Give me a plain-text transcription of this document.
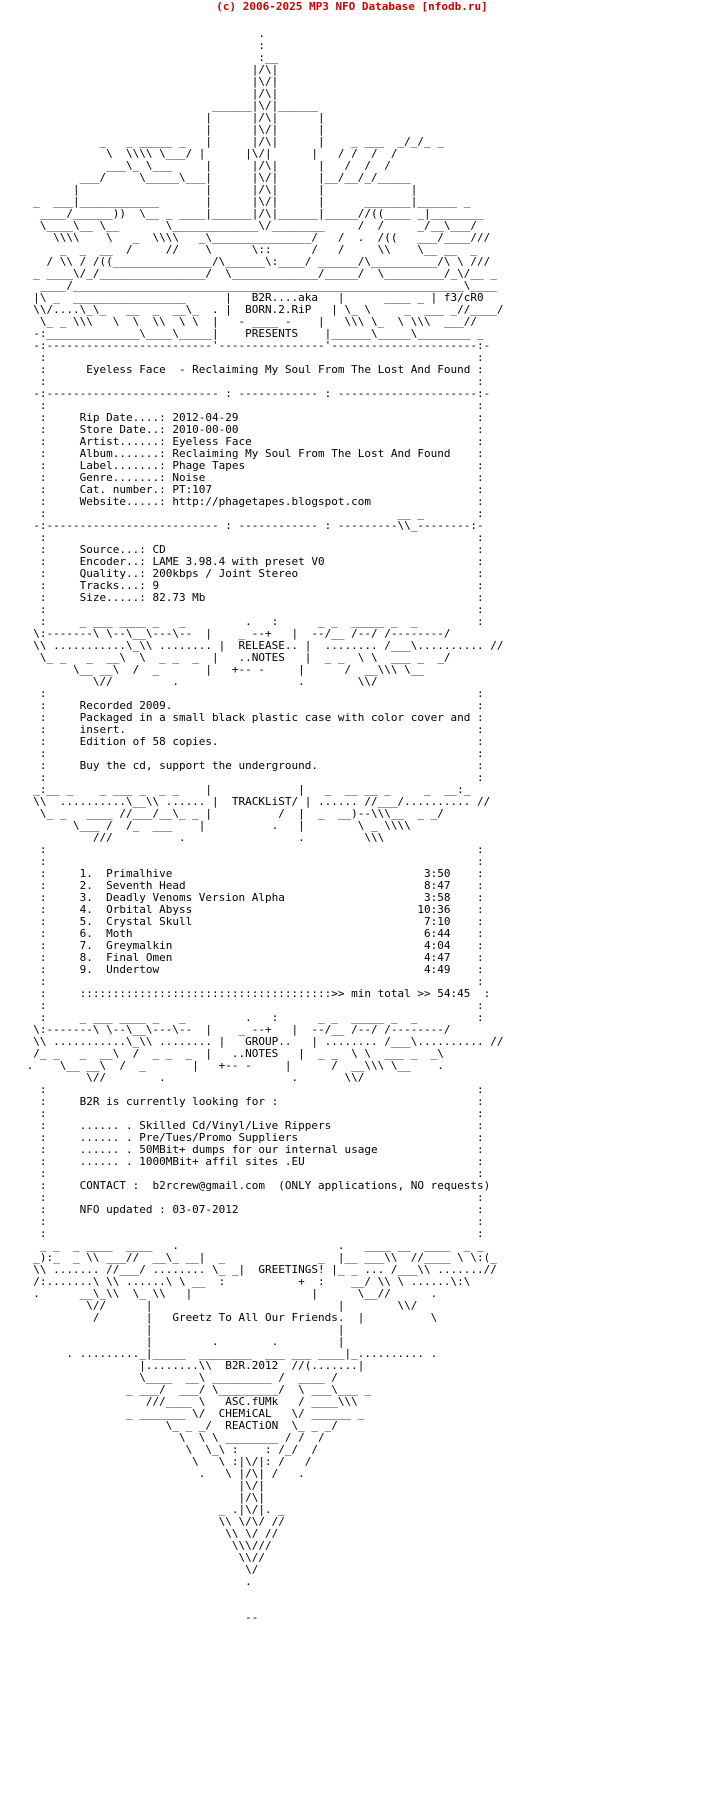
(c) 2006-2025 MP3 NFO Database [nfodb.ru]
.
:
:__
|/\|
|\/|
|/\|
______|\/|______
|      |/\|      |
|      |\/|      |
_   _ _____ _   |      |/\|      |    _ ___  _/_/_ _
\  \\\\ \___/ |      |\/|      |   / /  /  /
___\_ \___     |      |/\|      |   /  /  /
___/     \_____\___|      |\/|      |__/__/_/_____
|                   |      |/\|      |             |
_  ___|____________       |      |\/|      |      _______|______ _
____/______))  \__ _ ____|______|/\|______|_____//((____ _|________
\____\__ \__       \_____________\/________     /  /     _/__\___/
\\\\    \   _  \\\\   _\_______________/   /  .  /((   ___/____///
_  _  __  /     //    \      \::      /   /     \\    \__ __  _
/ \\ / /((_______________/\______\:____/ ______/\__________/\ \ ///
_ ____\/_/________________/  \_____________/_____/  \_________/_\/__ _
____/___________________________________________________________\____
|\ _  _________________      |   B2R....aka   |      ____ _ | f3/cR0
\\/....\_\_   __  _  __\_  . |  BORN.2.RiP   | \_ \     _  ___ _//____/
\_ _ \\\   \  \  \\  \ \  |   - ____ -    |   \\\ \_  \ \\\  ___//
-:______________\____\_____|    PRESENTS    |______\_____\________ _
-:-------------------------'----------------'----------------------:-
:                                                                 :
:      Eyeless Face  - Reclaiming My Soul From The Lost And Found :
:                                                                 :
-:-------------------------- : ------------ : ---------------------:-
:                                                                 :
:     Rip Date....: 2012-04-29                                    :
:     Store Date..: 2010-00-00                                    :
:     Artist......: Eyeless Face                                  :
:     Album.......: Reclaiming My Soul From The Lost And Found    :
:     Label.......: Phage Tapes                                   :
:     Genre.......: Noise                                         :
:     Cat. number.: PT:107                                        :
:     Website.....: http://phagetapes.blogspot.com                :
:                                                     __ _        :
-:-------------------------- : ------------ : ---------\\_--------:-
:                                                                 :
:     Source...: CD                                               :
:     Encoder..: LAME 3.98.4 with preset V0                       :
:     Quality..: 200kbps / Joint Stereo                           :
:     Tracks...: 9                                                :
:     Size.....: 82.73 Mb                                         :
:                                                                 :
:     _ ___ ____ _   _         .   :      _ _  _____ _  _         :
\:-------\ \--\__\---\--  |    _ --+   |  --/__ /--/ /--------/
\\ ...........\_\\ ........ |  RELEASE.. |  ........ /___\.......... //
\_ _   _  __\  \  _ _  _  |   ..NOTES   |  _ _  \ \  ___ _  _/
\__ __\  /  _       |   +-- -     |      /  __\\\ \__
\//         .                  .        \\/
:                                                                 :
:     Recorded 2009.                                              :
:     Packaged in a small black plastic case with color cover and :
:     insert.                                                     :
:     Edition of 58 copies.                                       :
:                                                                 :
:     Buy the cd, support the underground.                        :
:                                                                 :
_:__ _    _ ___ _  _ _    |             |   _  __ __ _     _  __:_
\\  ..........\__\\ ...... |  TRACKLiST/ | ...... //___/.......... //
\_ _   ____ //___/__\_ _ |          /  |  _  __)--\\\__  _ _/
\___ /  /_  ___    |          .   |        \ _ \\\\
///          .                 .         \\\
:                                                                 :
:                                                                 :
:     1.  Primalhive                                      3:50    :
:     2.  Seventh Head                                    8:47    :
:     3.  Deadly Venoms Version Alpha                     3:58    :
:     4.  Orbital Abyss                                  10:36    :
:     5.  Crystal Skull                                   7:10    :
:     6.  Moth                                            6:44    :
:     7.  Greymalkin                                      4:04    :
:     8.  Final Omen                                      4:47    :
:     9.  Undertow                                        4:49    :
:                                                                 :
:     ::::::::::::::::::::::::::::::::::::::>> min total >> 54:45  :
:                                                                 :
:     _ ___ ____ _   _         .   :      _ _  _____ _  _         :
\:-------\ \--\__\---\--  |    _ --+   |  --/__ /--/ /--------/
\\ ...........\_\\ ........ |   GROUP..   | ........ /___\.......... //
/_ _   _  __\  /  _ _  _  |   ..NOTES   |  _ _  \ \  ___ _  _\
.    \__ __\  /  _       |   +-- -     |      /  __\\\ \__    .
\//        .                   .       \\/
:                                                                 :
:     B2R is currently looking for :                              :
:                                                                 :
:     ...... . Skilled Cd/Vinyl/Live Rippers                      :
:     ...... . Pre/Tues/Promo Suppliers                           :
:     ...... . 50MBit+ dumps for our internal usage               :
:     ...... . 1000MBit+ affil sites .EU                          :
:                                                                 :
:     CONTACT :  b2rcrew@gmail.com  (ONLY applications, NO requests)
:                                                                 :
:     NFO updated : 03-07-2012                                    :
:                                                                 :
:                                                                 :
_ _  _ ____  ____   .                        .   ____ __  ____  _ _
_):_  _ \\ ___//  __\_ __|  _              _  |__ ___\\  //____ \ \:(_
\\ ....... //___/ ........ \_ _|  GREETINGS! |_ _ ... /___\\ .......//
/:.......\ \\ ......\ \ __  :           +  :    __/ \\ \ ......\:\
.      __\_\\  \_ \\   |                  |      \__//      .
\//      |                            |        \\/
/       |   Greetz To All Our Friends.  |          \
|                            |
|         .        .         |
. ........._|_____  ________  ___ ___ ____|_.......... .
|........\\  B2R.2012  //(.......|
\____  __\ _________ /  ____ /
_ ___/  ___/ \_________/  \ ___\___ _
///____ \   ASC.fUMk   / ____\\\
_ _______ \/  CHEMiCAL   \/ ______ _
\_ _ _/  REACTiON  \_ _ _/
\  \ \ ________ / /  /
\  \_\ :    : /_/  /
\   \ :|\/|: /   /
.   \ |/\| /   .
|\/|
|/\|
_ .|\/|. _
\\ \/\/ //
\\ \/ //
\\\///
\\//
\/
.

--
